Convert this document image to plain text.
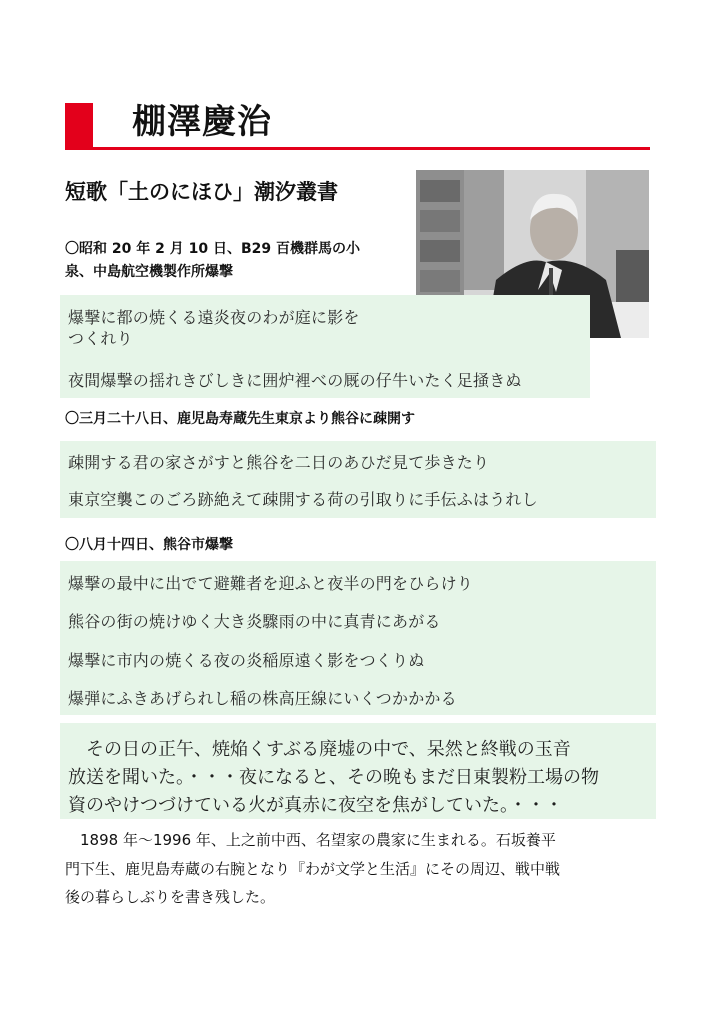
棚澤慶治
短歌「土のにほひ」潮汐叢書
〇昭和 20 年 2 月 10 日、B29 百機群馬の小
泉、中島航空機製作所爆撃
爆撃に都の焼くる遠炎夜のわが庭に影を
つくれり
夜間爆撃の揺れきびしきに囲炉裡べの厩の仔牛いたく足掻きぬ
〇三月二十八日、鹿児島寿蔵先生東京より熊谷に疎開す
疎開する君の家さがすと熊谷を二日のあひだ見て歩きたり
東京空襲このごろ跡絶えて疎開する荷の引取りに手伝ふはうれし
〇八月十四日、熊谷市爆撃
爆撃の最中に出でて避難者を迎ふと夜半の門をひらけり
熊谷の街の焼けゆく大き炎驟雨の中に真青にあがる
爆撃に市内の焼くる夜の炎稲原遠く影をつくりぬ
爆弾にふきあげられし稲の株高圧線にいくつかかかる
　その日の正午、焼焔くすぶる廃墟の中で、呆然と終戦の玉音
放送を聞いた。・・・夜になると、その晩もまだ日東製粉工場の物
資のやけつづけている火が真赤に夜空を焦がしていた。・・・
　1898 年～1996 年、上之前中西、名望家の農家に生まれる。石坂養平
門下生、鹿児島寿蔵の右腕となり『わが文学と生活』にその周辺、戦中戦
後の暮らしぶりを書き残した。
